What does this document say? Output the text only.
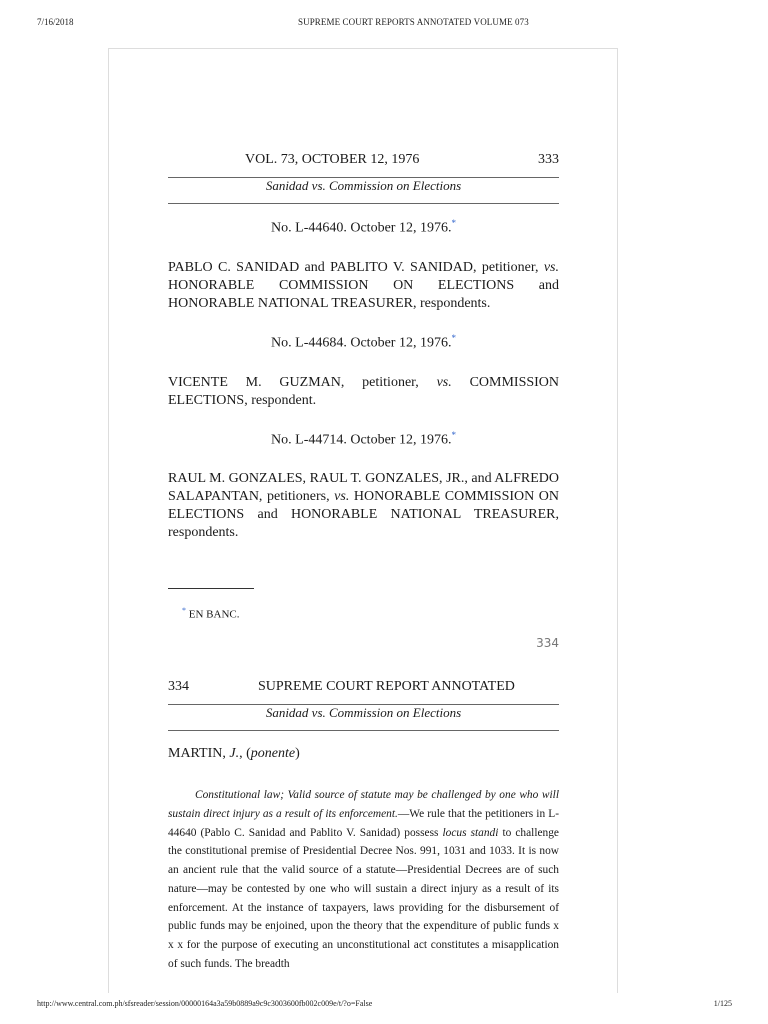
7/16/2018	SUPREME COURT REPORTS ANNOTATED VOLUME 073
VOL. 73, OCTOBER 12, 1976	333
Sanidad vs. Commission on Elections
No. L-44640. October 12, 1976.*
PABLO C. SANIDAD and PABLITO V. SANIDAD, petitioner, vs. HONORABLE COMMISSION ON ELECTIONS and HONORABLE NATIONAL TREASURER, respondents.
No. L-44684. October 12, 1976.*
VICENTE M. GUZMAN, petitioner, vs. COMMISSION ELECTIONS, respondent.
No. L-44714. October 12, 1976.*
RAUL M. GONZALES, RAUL T. GONZALES, JR., and ALFREDO SALAPANTAN, petitioners, vs. HONORABLE COMMISSION ON ELECTIONS and HONORABLE NATIONAL TREASURER, respondents.
* EN BANC.
334
334	SUPREME COURT REPORT ANNOTATED
Sanidad vs. Commission on Elections
MARTIN, J., (ponente)

Constitutional law; Valid source of statute may be challenged by one who will sustain direct injury as a result of its enforcement.—We rule that the petitioners in L-44640 (Pablo C. Sanidad and Pablito V. Sanidad) possess locus standi to challenge the constitutional premise of Presidential Decree Nos. 991, 1031 and 1033. It is now an ancient rule that the valid source of a statute—Presidential Decrees are of such nature—may be contested by one who will sustain a direct injury as a result of its enforcement. At the instance of taxpayers, laws providing for the disbursement of public funds may be enjoined, upon the theory that the expenditure of public funds x x x for the purpose of executing an unconstitutional act constitutes a misapplication of such funds. The breadth

http://www.central.com.ph/sfsreader/session/00000164a3a59b0889a9c9c3003600fb002c009e/t/?o=False	1/125
